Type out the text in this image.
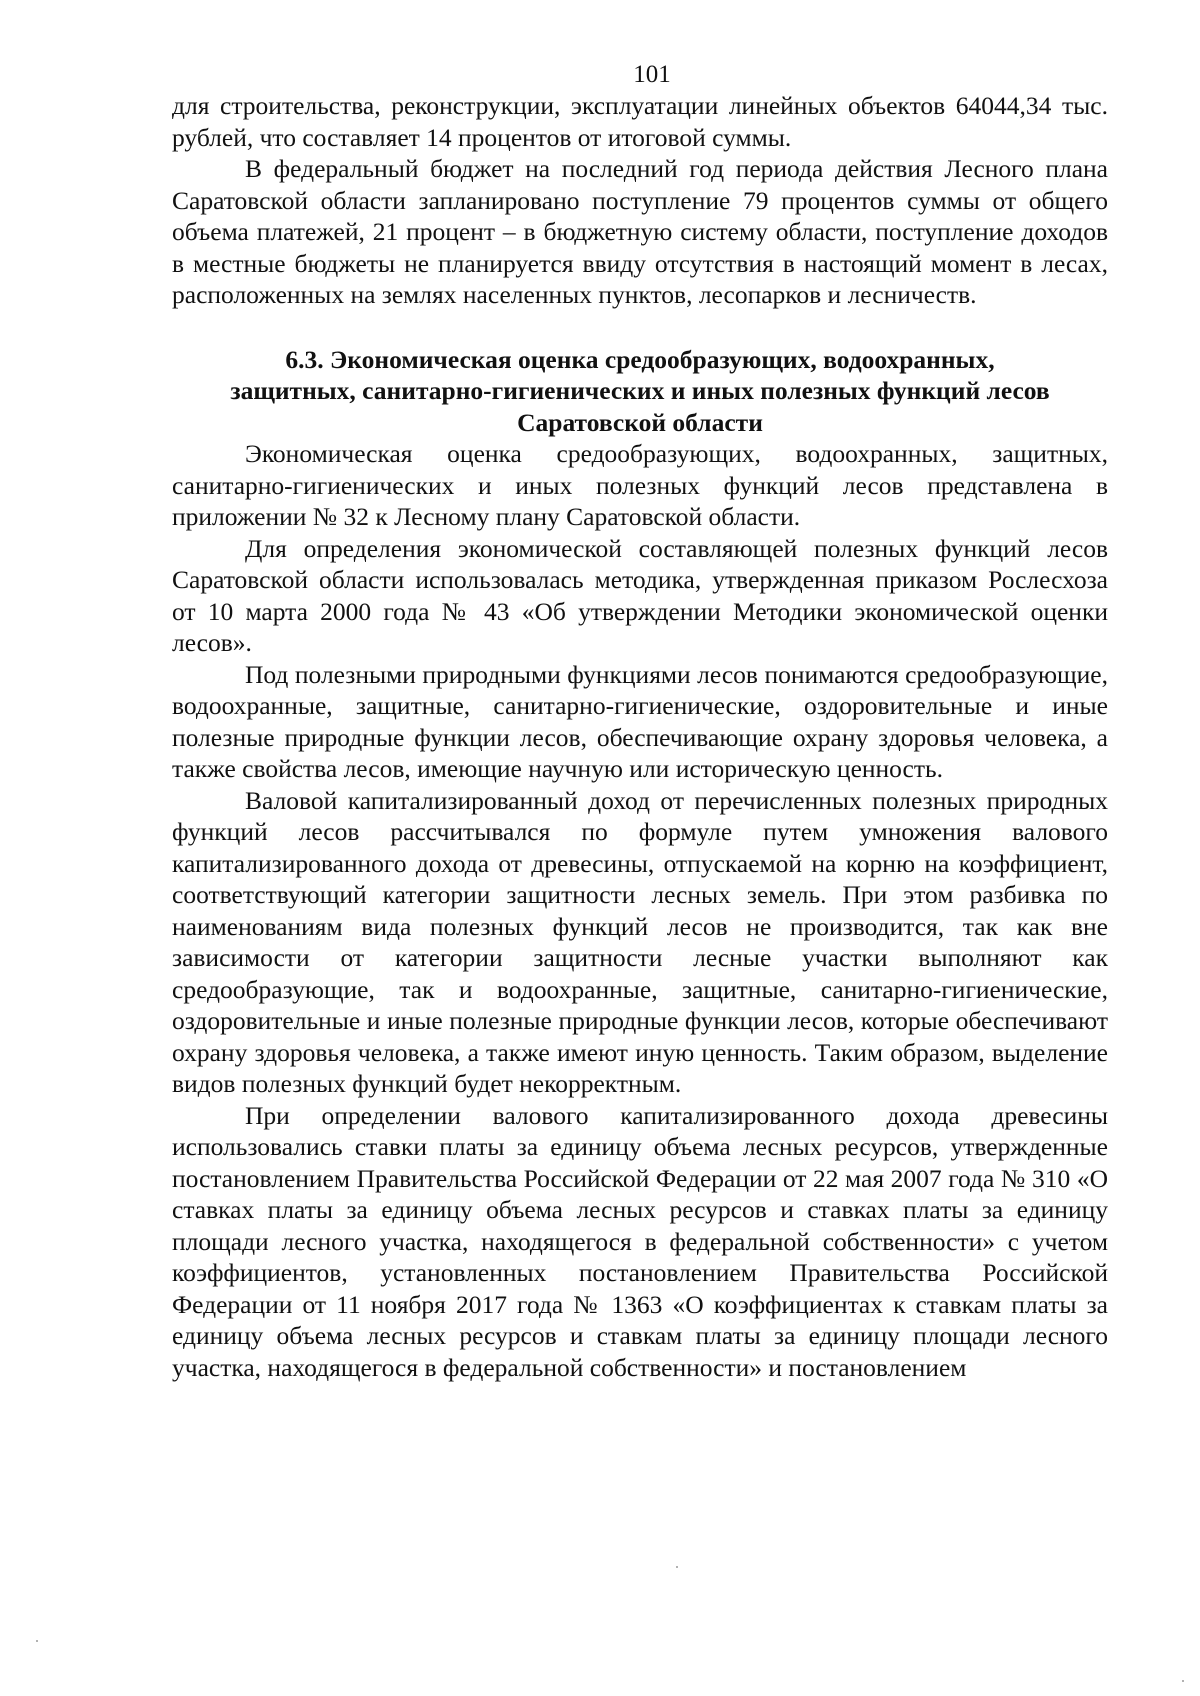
101

для строительства, реконструкции, эксплуатации линейных объектов 64044,34 тыс. рублей, что составляет 14 процентов от итоговой суммы.

В федеральный бюджет на последний год периода действия Лесного плана Саратовской области запланировано поступление 79 процентов суммы от общего объема платежей, 21 процент – в бюджетную систему области, поступление доходов в местные бюджеты не планируется ввиду отсутствия в настоящий момент в лесах, расположенных на землях населенных пунктов, лесопарков и лесничеств.

6.3. Экономическая оценка средообразующих, водоохранных,
защитных, санитарно-гигиенических и иных полезных функций лесов
Саратовской области

Экономическая оценка средообразующих, водоохранных, защитных, санитарно-гигиенических и иных полезных функций лесов представлена в приложении № 32 к Лесному плану Саратовской области.

Для определения экономической составляющей полезных функций лесов Саратовской области использовалась методика, утвержденная приказом Рослесхоза от 10 марта 2000 года № 43 «Об утверждении Методики экономической оценки лесов».

Под полезными природными функциями лесов понимаются средообразующие, водоохранные, защитные, санитарно-гигиенические, оздоровительные и иные полезные природные функции лесов, обеспечивающие охрану здоровья человека, а также свойства лесов, имеющие научную или историческую ценность.

Валовой капитализированный доход от перечисленных полезных природных функций лесов рассчитывался по формуле путем умножения валового капитализированного дохода от древесины, отпускаемой на корню на коэффициент, соответствующий категории защитности лесных земель. При этом разбивка по наименованиям вида полезных функций лесов не производится, так как вне зависимости от категории защитности лесные участки выполняют как средообразующие, так и водоохранные, защитные, санитарно-гигиенические, оздоровительные и иные полезные природные функции лесов, которые обеспечивают охрану здоровья человека, а также имеют иную ценность. Таким образом, выделение видов полезных функций будет некорректным.

При определении валового капитализированного дохода древесины использовались ставки платы за единицу объема лесных ресурсов, утвержденные постановлением Правительства Российской Федерации от 22 мая 2007 года № 310 «О ставках платы за единицу объема лесных ресурсов и ставках платы за единицу площади лесного участка, находящегося в федеральной собственности» с учетом коэффициентов, установленных постановлением Правительства Российской Федерации от 11 ноября 2017 года № 1363 «О коэффициентах к ставкам платы за единицу объема лесных ресурсов и ставкам платы за единицу площади лесного участка, находящегося в федеральной собственности» и постановлением
